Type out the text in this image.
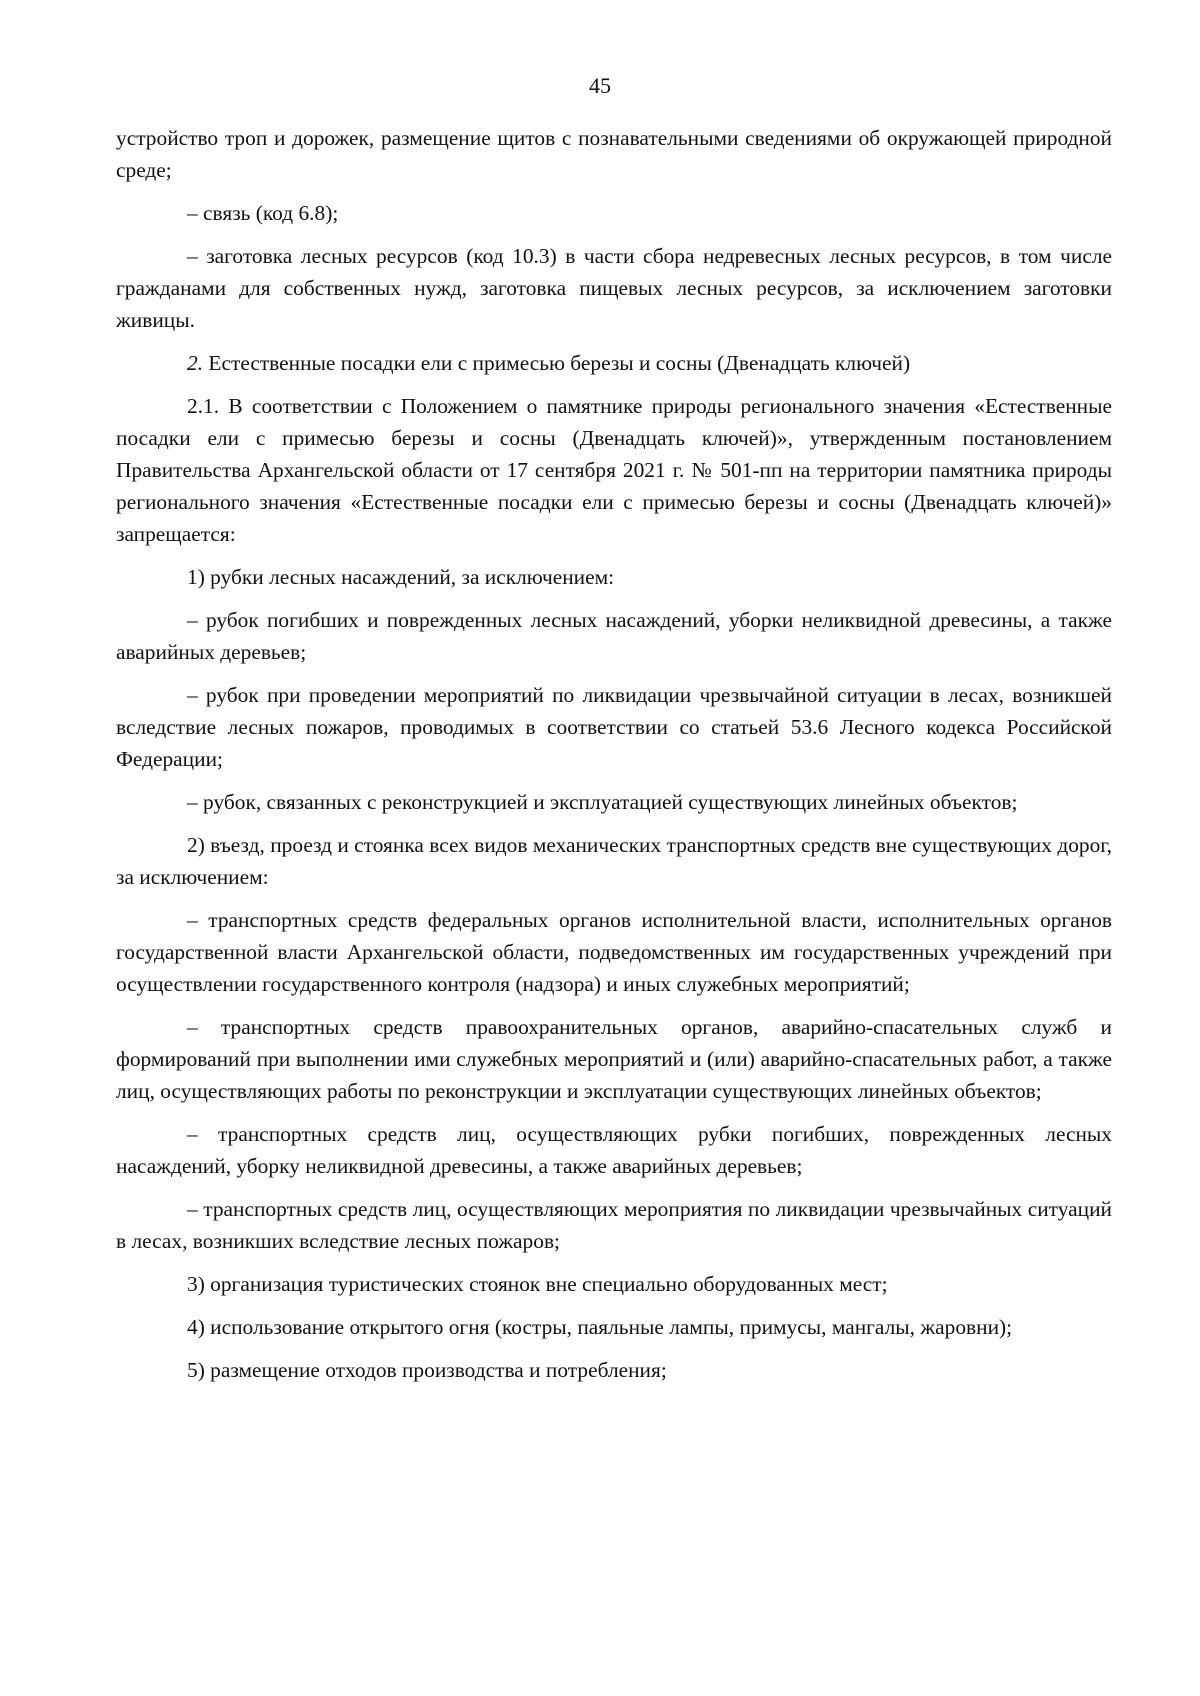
45

устройство троп и дорожек, размещение щитов с познавательными сведениями об окружающей природной среде;

– связь (код 6.8);

– заготовка лесных ресурсов (код 10.3) в части сбора недревесных лесных ресурсов, в том числе гражданами для собственных нужд, заготовка пищевых лесных ресурсов, за исключением заготовки живицы.

2. Естественные посадки ели с примесью березы и сосны (Двенадцать ключей)

2.1. В соответствии с Положением о памятнике природы регионального значения «Естественные посадки ели с примесью березы и сосны (Двенадцать ключей)», утвержденным постановлением Правительства Архангельской области от 17 сентября 2021 г. № 501-пп на территории памятника природы регионального значения «Естественные посадки ели с примесью березы и сосны (Двенадцать ключей)» запрещается:

1) рубки лесных насаждений, за исключением:

– рубок погибших и поврежденных лесных насаждений, уборки неликвидной древесины, а также аварийных деревьев;

– рубок при проведении мероприятий по ликвидации чрезвычайной ситуации в лесах, возникшей вследствие лесных пожаров, проводимых в соответствии со статьей 53.6 Лесного кодекса Российской Федерации;

– рубок, связанных с реконструкцией и эксплуатацией существующих линейных объектов;

2) въезд, проезд и стоянка всех видов механических транспортных средств вне существующих дорог, за исключением:

– транспортных средств федеральных органов исполнительной власти, исполнительных органов государственной власти Архангельской области, подведомственных им государственных учреждений при осуществлении государственного контроля (надзора) и иных служебных мероприятий;

– транспортных средств правоохранительных органов, аварийно-спасательных служб и формирований при выполнении ими служебных мероприятий и (или) аварийно-спасательных работ, а также лиц, осуществляющих работы по реконструкции и эксплуатации существующих линейных объектов;

– транспортных средств лиц, осуществляющих рубки погибших, поврежденных лесных насаждений, уборку неликвидной древесины, а также аварийных деревьев;

– транспортных средств лиц, осуществляющих мероприятия по ликвидации чрезвычайных ситуаций в лесах, возникших вследствие лесных пожаров;

3) организация туристических стоянок вне специально оборудованных мест;

4) использование открытого огня (костры, паяльные лампы, примусы, мангалы, жаровни);

5) размещение отходов производства и потребления;
